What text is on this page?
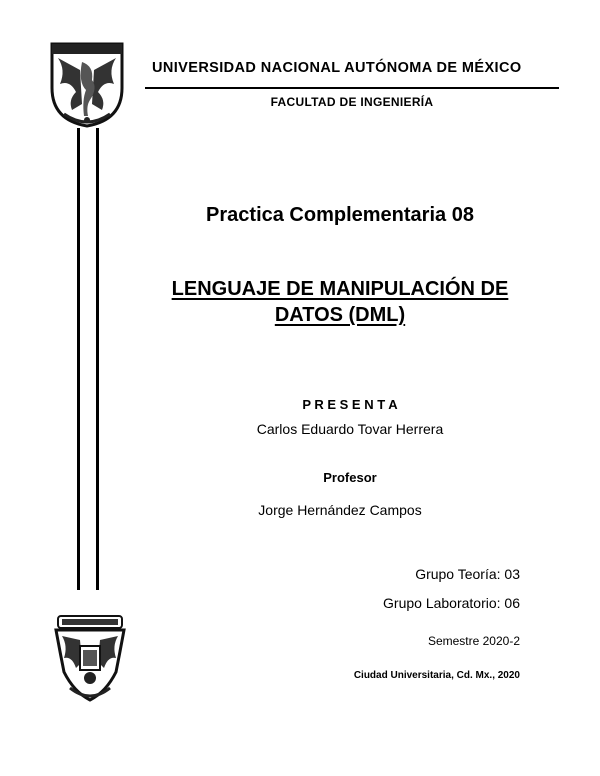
UNIVERSIDAD NACIONAL AUTÓNOMA DE MÉXICO
FACULTAD DE INGENIERÍA
Practica Complementaria 08
LENGUAJE DE MANIPULACIÓN DE
DATOS (DML)
P R E S E N T A
Carlos Eduardo Tovar Herrera
Profesor
Jorge Hernández Campos
Grupo Teoría: 03
Grupo Laboratorio: 06
Semestre 2020-2
Ciudad Universitaria, Cd. Mx., 2020
